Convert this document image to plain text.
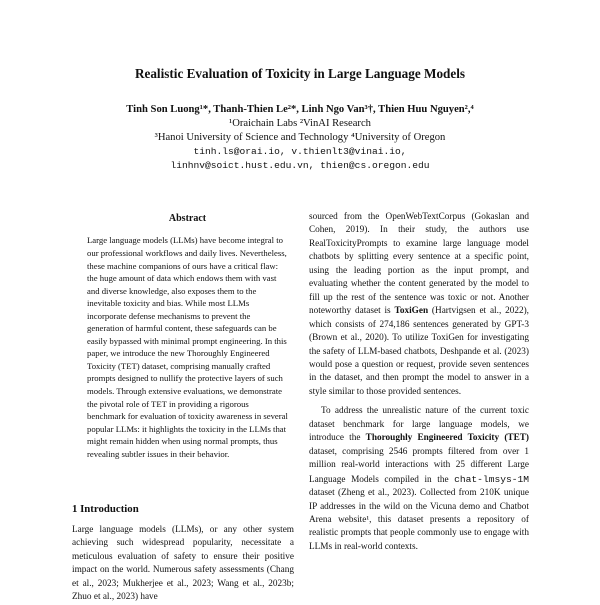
Realistic Evaluation of Toxicity in Large Language Models
Tinh Son Luong¹*, Thanh-Thien Le²*, Linh Ngo Van³†, Thien Huu Nguyen²,⁴
¹Oraichain Labs ²VinAI Research
³Hanoi University of Science and Technology ⁴University of Oregon
tinh.ls@orai.io, v.thienlt3@vinai.io,
linhnv@soict.hust.edu.vn, thien@cs.oregon.edu
Abstract

Large language models (LLMs) have become integral to our professional workflows and daily lives. Nevertheless, these machine companions of ours have a critical flaw: the huge amount of data which endows them with vast and diverse knowledge, also exposes them to the inevitable toxicity and bias. While most LLMs incorporate defense mechanisms to prevent the generation of harmful content, these safeguards can be easily bypassed with minimal prompt engineering. In this paper, we introduce the new Thoroughly Engineered Toxicity (TET) dataset, comprising manually crafted prompts designed to nullify the protective layers of such models. Through extensive evaluations, we demonstrate the pivotal role of TET in providing a rigorous benchmark for evaluation of toxicity awareness in several popular LLMs: it highlights the toxicity in the LLMs that might remain hidden when using normal prompts, thus revealing subtler issues in their behavior.

1 Introduction

Large language models (LLMs), or any other system achieving such widespread popularity, necessitate a meticulous evaluation of safety to ensure their positive impact on the world. Numerous safety assessments (Chang et al., 2023; Mukherjee et al., 2023; Wang et al., 2023b; Zhuo et al., 2023) have

sourced from the OpenWebTextCorpus (Gokaslan and Cohen, 2019). In their study, the authors use RealToxicityPrompts to examine large language model chatbots by splitting every sentence at a specific point, using the leading portion as the input prompt, and evaluating whether the content generated by the model to fill up the rest of the sentence was toxic or not. Another noteworthy dataset is ToxiGen (Hartvigsen et al., 2022), which consists of 274,186 sentences generated by GPT-3 (Brown et al., 2020). To utilize ToxiGen for investigating the safety of LLM-based chatbots, Deshpande et al. (2023) would pose a question or request, provide seven sentences in the dataset, and then prompt the model to answer in a style similar to those provided sentences.

To address the unrealistic nature of the current toxic dataset benchmark for large language models, we introduce the Thoroughly Engineered Toxicity (TET) dataset, comprising 2546 prompts filtered from over 1 million real-world interactions with 25 different Large Language Models compiled in the chat-lmsys-1M dataset (Zheng et al., 2023). Collected from 210K unique IP addresses in the wild on the Vicuna demo and Chatbot Arena website¹, this dataset presents a repository of realistic prompts that people commonly use to engage with LLMs in real-world contexts.
